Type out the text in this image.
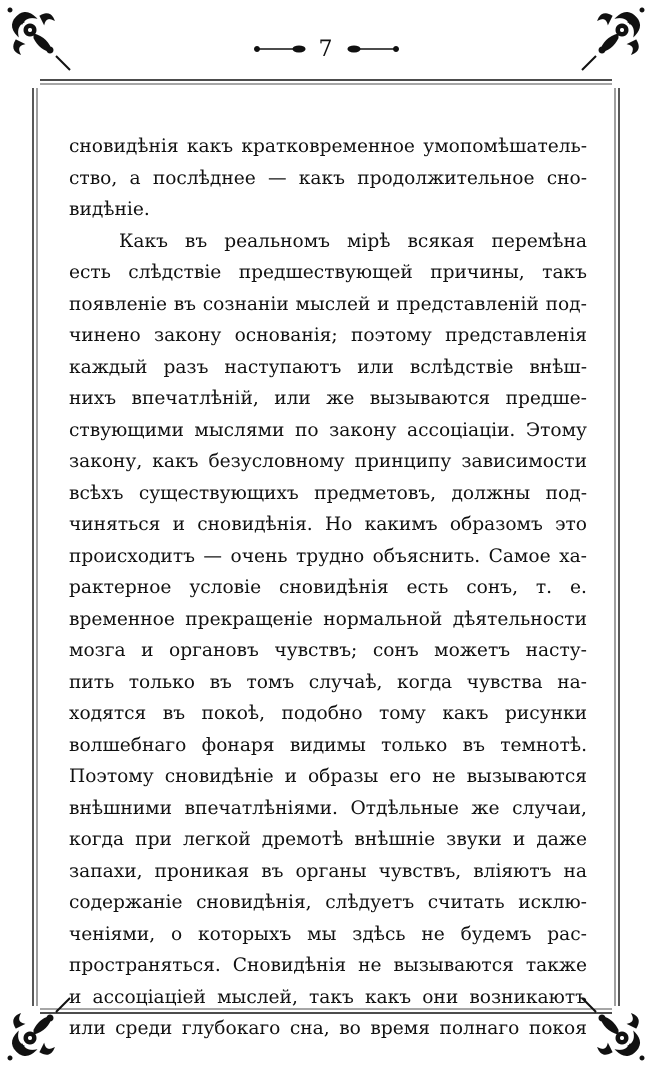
7
сновидѣнія какъ кратковременное умопомѣшатель-
ство, а послѣднее — какъ продолжительное сно-
видѣніе.
Какъ въ реальномъ мірѣ всякая перемѣна
есть слѣдствіе предшествующей причины, такъ
появленіе въ сознаніи мыслей и представленій под-
чинено закону основанія; поэтому представленія
каждый разъ наступаютъ или вслѣдствіе внѣш-
нихъ впечатлѣній, или же вызываются предше-
ствующими мыслями по закону ассоціаціи. Этому
закону, какъ безусловному принципу зависимости
всѣхъ существующихъ предметовъ, должны под-
чиняться и сновидѣнія. Но какимъ образомъ это
происходитъ — очень трудно объяснить. Самое ха-
рактерное условіе сновидѣнія есть сонъ, т. е.
временное прекращеніе нормальной дѣятельности
мозга и органовъ чувствъ; сонъ можетъ насту-
пить только въ томъ случаѣ, когда чувства на-
ходятся въ покоѣ, подобно тому какъ рисунки
волшебнаго фонаря видимы только въ темнотѣ.
Поэтому сновидѣніе и образы его не вызываются
внѣшними впечатлѣніями. Отдѣльные же случаи,
когда при легкой дремотѣ внѣшніе звуки и даже
запахи, проникая въ органы чувствъ, вліяютъ на
содержаніе сновидѣнія, слѣдуетъ считать исклю-
ченіями, о которыхъ мы здѣсь не будемъ рас-
пространяться. Сновидѣнія не вызываются также
и ассоціаціей мыслей, такъ какъ они возникаютъ
или среди глубокаго сна, во время полнаго покоя
